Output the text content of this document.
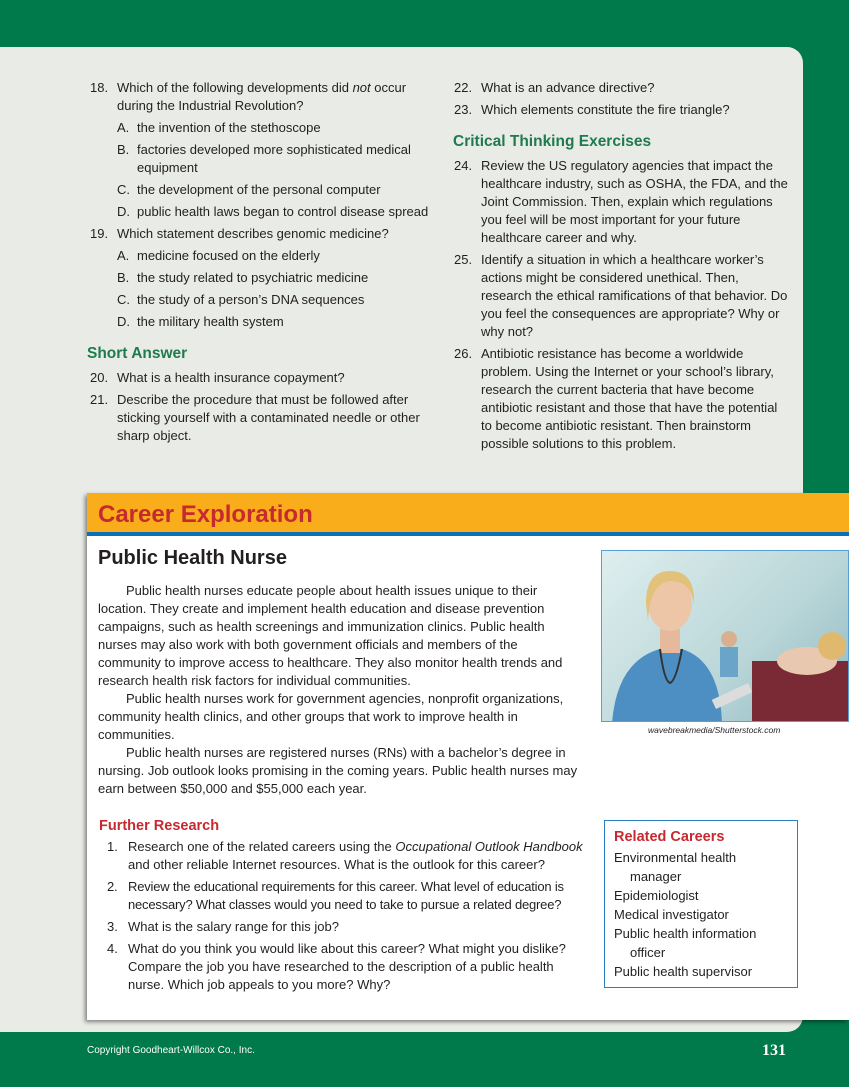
18. Which of the following developments did not occur during the Industrial Revolution?
A. the invention of the stethoscope
B. factories developed more sophisticated medical equipment
C. the development of the personal computer
D. public health laws began to control disease spread
19. Which statement describes genomic medicine?
A. medicine focused on the elderly
B. the study related to psychiatric medicine
C. the study of a person’s DNA sequences
D. the military health system
Short Answer
20. What is a health insurance copayment?
21. Describe the procedure that must be followed after sticking yourself with a contaminated needle or other sharp object.
22. What is an advance directive?
23. Which elements constitute the fire triangle?
Critical Thinking Exercises
24. Review the US regulatory agencies that impact the healthcare industry, such as OSHA, the FDA, and the Joint Commission. Then, explain which regulations you feel will be most important for your future healthcare career and why.
25. Identify a situation in which a healthcare worker’s actions might be considered unethical. Then, research the ethical ramifications of that behavior. Do you feel the consequences are appropriate? Why or why not?
26. Antibiotic resistance has become a worldwide problem. Using the Internet or your school’s library, research the current bacteria that have become antibiotic resistant and those that have the potential to become antibiotic resistant. Then brainstorm possible solutions to this problem.
Career Exploration
Public Health Nurse

Public health nurses educate people about health issues unique to their location. They create and implement health education and disease prevention campaigns, such as health screenings and immunization clinics. Public health nurses may also work with both government officials and members of the community to improve access to healthcare. They also monitor health trends and research health risk factors for individual communities.

Public health nurses work for government agencies, nonprofit organizations, community health clinics, and other groups that work to improve health in communities.

Public health nurses are registered nurses (RNs) with a bachelor’s degree in nursing. Job outlook looks promising in the coming years. Public health nurses may earn between $50,000 and $55,000 each year.

wavebreakmedia/Shutterstock.com
Further Research
1. Research one of the related careers using the Occupational Outlook Handbook and other reliable Internet resources. What is the outlook for this career?
2. Review the educational requirements for this career. What level of education is necessary? What classes would you need to take to pursue a related degree?
3. What is the salary range for this job?
4. What do you think you would like about this career? What might you dislike? Compare the job you have researched to the description of a public health nurse. Which job appeals to you more? Why?
Related Careers
Environmental health manager
Epidemiologist
Medical investigator
Public health information officer
Public health supervisor
Copyright Goodheart-Willcox Co., Inc.	131
